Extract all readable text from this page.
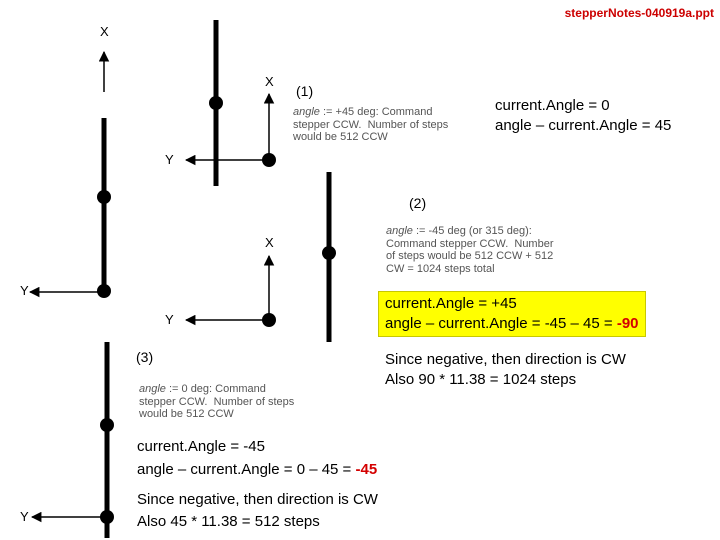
stepperNotes-040919a.ppt
X
X
Y
X
Y
Y
Y
(1)
angle := +45 deg: Command
stepper CCW.  Number of steps
would be 512 CCW
current.Angle = 0
angle – current.Angle = 45
(2)
angle := -45 deg (or 315 deg):
Command stepper CCW.  Number
of steps would be 512 CCW + 512
CW = 1024 steps total
current.Angle = +45
angle – current.Angle = -45 – 45 = -90
Since negative, then direction is CW
Also 90 * 11.38 = 1024 steps
(3)
angle := 0 deg: Command
stepper CCW.  Number of steps
would be 512 CCW
current.Angle = -45
angle – current.Angle = 0 – 45 = -45
Since negative, then direction is CW
Also 45 * 11.38 = 512 steps
